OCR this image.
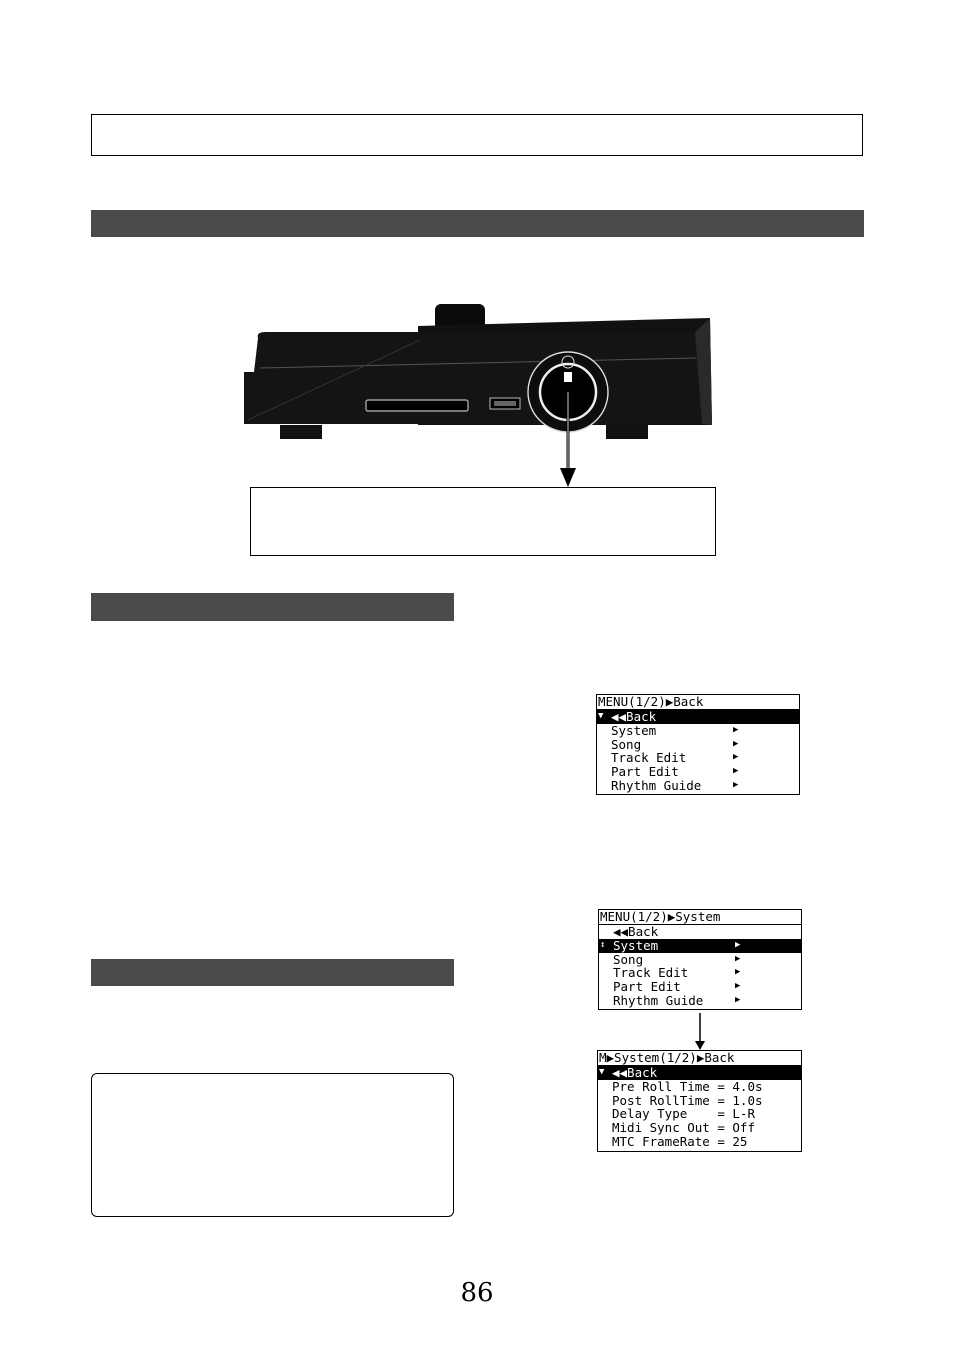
MENU(1/2)▶Back
▼ ◀◀Back
System	▶
Song	▶
Track Edit	▶
Part Edit	▶
Rhythm Guide	▶
MENU(1/2)▶System
◀◀Back
↕ System	▶
Song	▶
Track Edit	▶
Part Edit	▶
Rhythm Guide	▶
M▶System(1/2)▶Back
▼ ◀◀Back
Pre Roll Time = 4.0s
Post RollTime = 1.0s
Delay Type    = L-R
Midi Sync Out = Off
MTC FrameRate = 25
86
